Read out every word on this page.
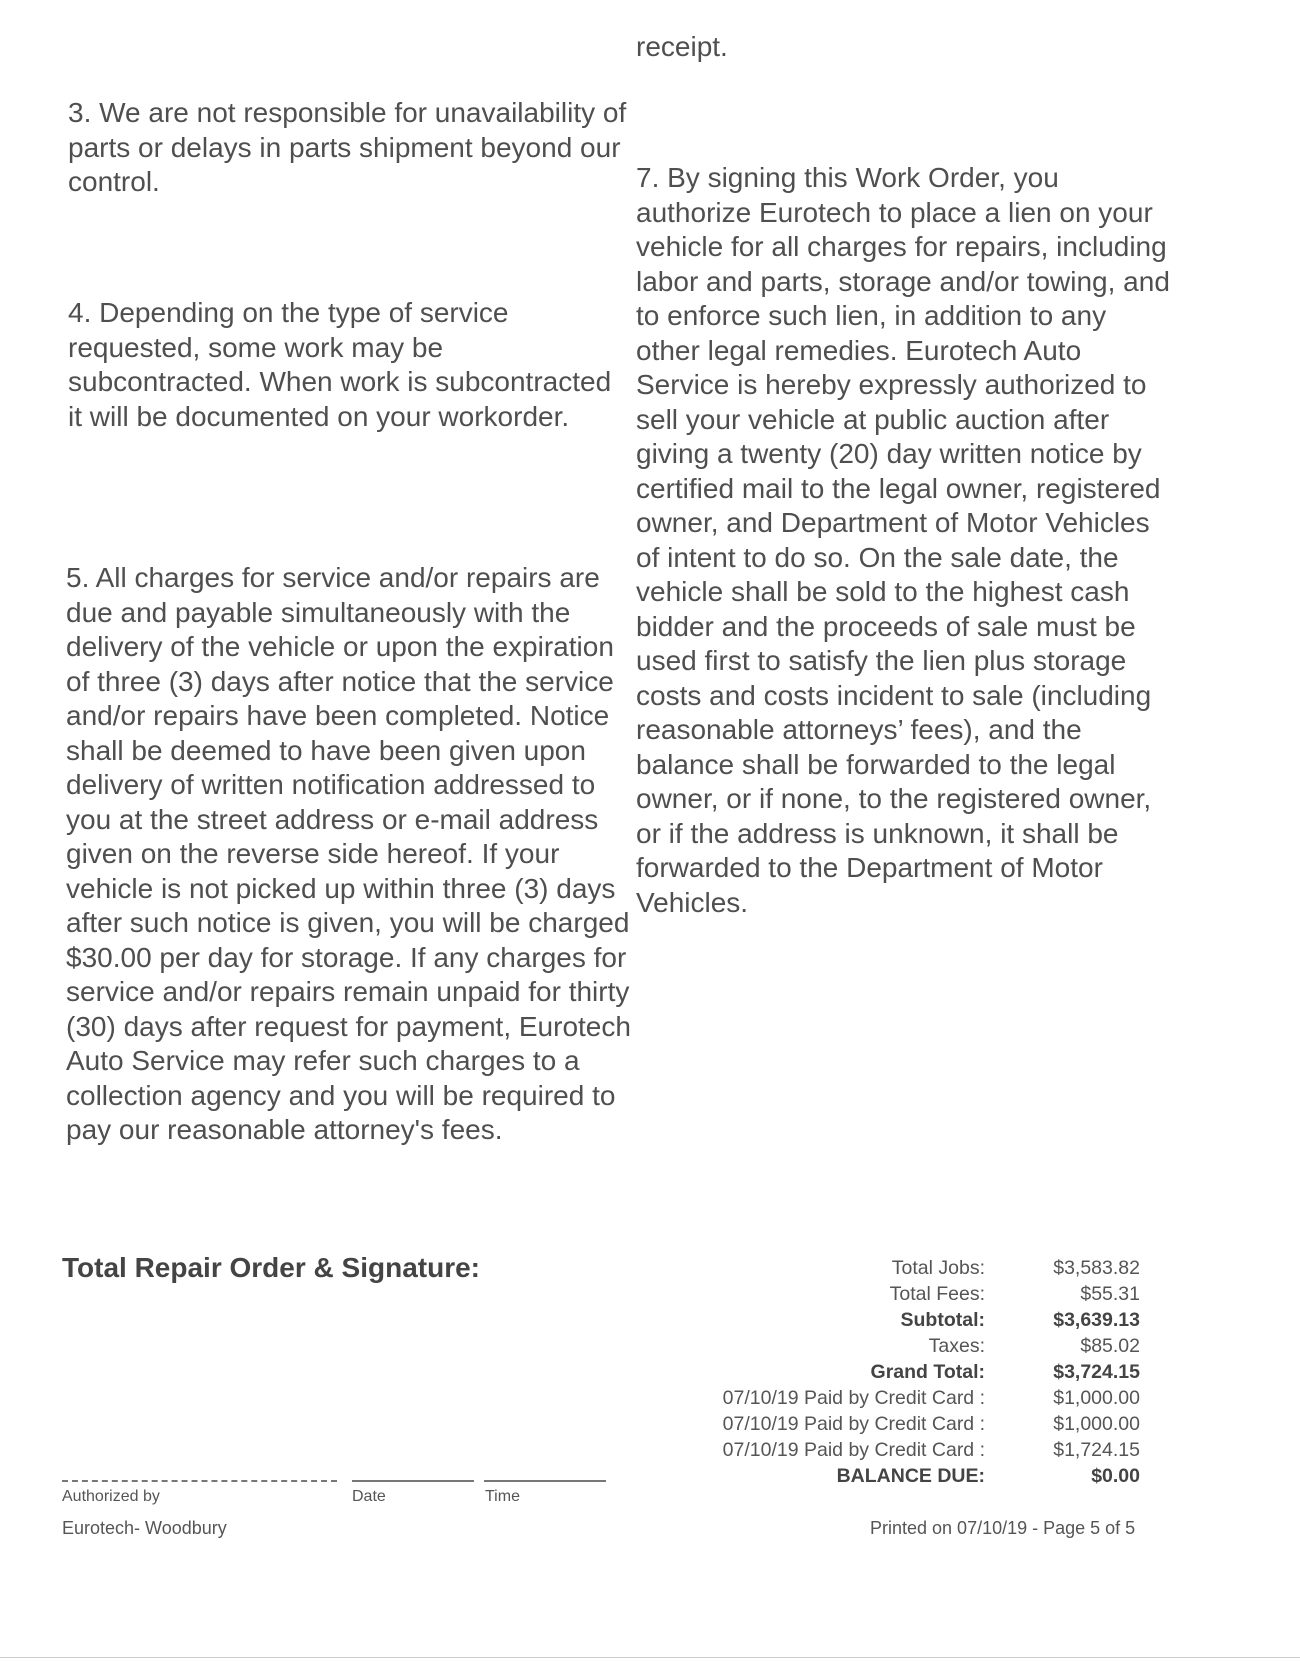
receipt.

3. We are not responsible for unavailability of parts or delays in parts shipment beyond our control.

4. Depending on the type of service requested, some work may be subcontracted. When work is subcontracted it will be documented on your workorder.

5. All charges for service and/or repairs are due and payable simultaneously with the delivery of the vehicle or upon the expiration of three (3) days after notice that the service and/or repairs have been completed. Notice shall be deemed to have been given upon delivery of written notification addressed to you at the street address or e-mail address given on the reverse side hereof. If your vehicle is not picked up within three (3) days after such notice is given, you will be charged $30.00 per day for storage. If any charges for service and/or repairs remain unpaid for thirty (30) days after request for payment, Eurotech Auto Service may refer such charges to a collection agency and you will be required to pay our reasonable attorney's fees.

7. By signing this Work Order, you authorize Eurotech to place a lien on your vehicle for all charges for repairs, including labor and parts, storage and/or towing, and to enforce such lien, in addition to any other legal remedies. Eurotech Auto Service is hereby expressly authorized to sell your vehicle at public auction after giving a twenty (20) day written notice by certified mail to the legal owner, registered owner, and Department of Motor Vehicles of intent to do so. On the sale date, the vehicle shall be sold to the highest cash bidder and the proceeds of sale must be used first to satisfy the lien plus storage costs and costs incident to sale (including reasonable attorneys’ fees), and the balance shall be forwarded to the legal owner, or if none, to the registered owner, or if the address is unknown, it shall be forwarded to the Department of Motor Vehicles.

Total Repair Order & Signature:	Total Jobs:	$3,583.82
Total Fees:	$55.31
Subtotal:	$3,639.13
Taxes:	$85.02
Grand Total:	$3,724.15
07/10/19 Paid by Credit Card :	$1,000.00
07/10/19 Paid by Credit Card :	$1,000.00
07/10/19 Paid by Credit Card :	$1,724.15
BALANCE DUE:	$0.00
Authorized by	Date	Time
Eurotech- Woodbury	Printed on 07/10/19 - Page 5 of 5
